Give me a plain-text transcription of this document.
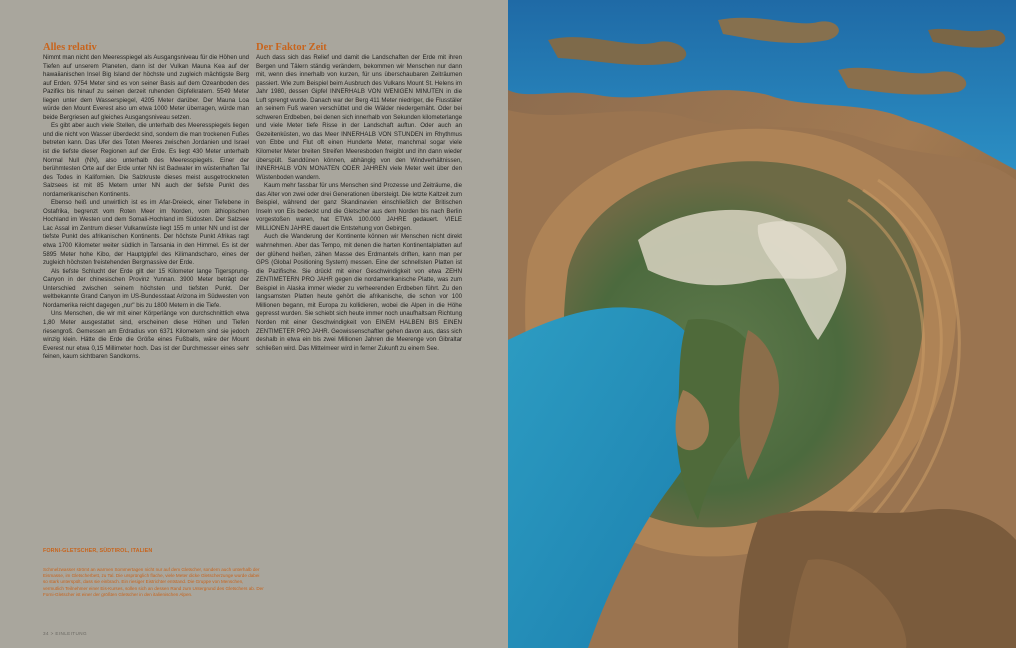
Alles relativ

Nimmt man nicht den Meeresspiegel als Ausgangsniveau für die Höhen und Tiefen auf unserem Planeten, dann ist der Vulkan Mauna Kea auf der hawaiianischen Insel Big Island der höchste und zugleich mächtigste Berg auf Erden. 9754 Meter sind es von seiner Basis auf dem Ozeanboden des Pazifiks bis hinauf zu seinen derzeit ruhenden Gipfelkratern. 5549 Meter liegen unter dem Wasserspiegel, 4205 Meter darüber. Der Mauna Loa würde den Mount Everest also um etwa 1000 Meter überragen, würde man beide Bergriesen auf gleiches Ausgangsniveau setzen.

Es gibt aber auch viele Stellen, die unterhalb des Meeresspiegels liegen und die nicht von Wasser überdeckt sind, sondern die man trockenen Fußes betreten kann. Das Ufer des Toten Meeres zwischen Jordanien und Israel ist die tiefste dieser Regionen auf der Erde. Es liegt 430 Meter unterhalb Normal Null (NN), also unterhalb des Meeresspiegels. Einer der berühmtesten Orte auf der Erde unter NN ist Badwater im wüstenhaften Tal des Todes in Kalifornien. Die Salzkruste dieses meist ausgetrockneten Salzsees ist mit 85 Metern unter NN auch der tiefste Punkt des nordamerikanischen Kontinents.

Ebenso heiß und unwirtlich ist es im Afar-Dreieck, einer Tiefebene in Ostafrika, begrenzt vom Roten Meer im Norden, vom äthiopischen Hochland im Westen und dem Somali-Hochland im Südosten. Der Salzsee Lac Assal im Zentrum dieser Vulkanwüste liegt 155 m unter NN und ist der tiefste Punkt des afrikanischen Kontinents. Der höchste Punkt Afrikas ragt etwa 1700 Kilometer weiter südlich in Tansania in den Himmel. Es ist der 5895 Meter hohe Kibo, der Hauptgipfel des Kilimandscharo, eines der zugleich höchsten freistehenden Bergmassive der Erde.

Als tiefste Schlucht der Erde gilt der 15 Kilometer lange Tigersprung-Canyon in der chinesischen Provinz Yunnan. 3900 Meter beträgt der Unterschied zwischen seinem höchsten und tiefsten Punkt. Der weltbekannte Grand Canyon im US-Bundesstaat Arizona im Südwesten von Nordamerika reicht dagegen „nur" bis zu 1800 Metern in die Tiefe.

Uns Menschen, die wir mit einer Körperlänge von durchschnittlich etwa 1,80 Meter ausgestattet sind, erscheinen diese Höhen und Tiefen riesengroß. Gemessen am Erdradius von 6371 Kilometern sind sie jedoch winzig klein. Hätte die Erde die Größe eines Fußballs, wäre der Mount Everest nur etwa 0,15 Millimeter hoch. Das ist der Durchmesser eines sehr feinen, kaum sichtbaren Sandkorns.

Der Faktor Zeit

Auch dass sich das Relief und damit die Landschaften der Erde mit ihren Bergen und Tälern ständig verändern, bekommen wir Menschen nur dann mit, wenn dies innerhalb von kurzen, für uns überschaubaren Zeiträumen passiert. Wie zum Beispiel beim Ausbruch des Vulkans Mount St. Helens im Jahr 1980, dessen Gipfel INNERHALB VON WENIGEN MINUTEN in die Luft sprengt wurde. Danach war der Berg 411 Meter niedriger, die Flusstäler an seinem Fuß waren verschüttet und die Wälder niedergemäht. Oder bei schweren Erdbeben, bei denen sich innerhalb von Sekunden kilometerlange und viele Meter tiefe Risse in der Landschaft auftun. Oder auch an Gezeitenküsten, wo das Meer INNERHALB VON STUNDEN im Rhythmus von Ebbe und Flut oft einen Hunderte Meter, manchmal sogar viele Kilometer Meter breiten Streifen Meeresboden freigibt und ihn dann wieder überspült. Sanddünen können, abhängig von den Windverhältnissen, INNERHALB VON MONATEN ODER JAHREN viele Meter weit über den Wüstenboden wandern.

Kaum mehr fassbar für uns Menschen sind Prozesse und Zeiträume, die das Alter von zwei oder drei Generationen übersteigt. Die letzte Kaltzeit zum Beispiel, während der ganz Skandinavien einschließlich der Britischen Inseln von Eis bedeckt und die Gletscher aus dem Norden bis nach Berlin vorgestoßen waren, hat ETWA 100.000 JAHRE gedauert. VIELE MILLIONEN JAHRE dauert die Entstehung von Gebirgen.

Auch die Wanderung der Kontinente können wir Menschen nicht direkt wahrnehmen. Aber das Tempo, mit denen die harten Kontinentalplatten auf der glühend heißen, zähen Masse des Erdmantels driften, kann man per GPS (Global Positioning System) messen. Eine der schnellsten Platten ist die Pazifische. Sie drückt mit einer Geschwindigkeit von etwa ZEHN ZENTIMETERN PRO JAHR gegen die nordamerikanische Platte, was zum Beispiel in Alaska immer wieder zu verheerenden Erdbeben führt. Zu den langsamsten Platten heute gehört die afrikanische, die schon vor 100 Millionen begann, mit Europa zu kollidieren, wobei die Alpen in die Höhe gepresst wurden. Sie schiebt sich heute immer noch unaufhaltsam Richtung Norden mit einer Geschwindigkeit von EINEM HALBEN BIS EINEN ZENTIMETER PRO JAHR. Geowissenschaftler gehen davon aus, dass sich deshalb in etwa ein bis zwei Millionen Jahren die Meerenge von Gibraltar schließen wird. Das Mittelmeer wird in ferner Zukunft zu einem See.

FORNI-GLETSCHER, SÜDTIROL, ITALIEN
Schmelzwasser strömt an warmen Sommertagen nicht nur auf dem Gletscher, sondern auch unterhalb der Eismasse, im Gletscherbett, zu Tal. Die ursprünglich flache, viele Meter dicke Gletscherzunge wurde dabei so stark unterspült, dass sie einbrach. Ein riesiger Eistrichter entstand. Die Gruppe von Menschen, vermutlich Teilnehmer einer Eis-Kurses, sollen sich an dessen Rand zum Untergrund des Gletschers ab. Der Forni-Gletscher ist einer der größten Gletscher in den italienischen Alpen.
34 > EINLEITUNG
